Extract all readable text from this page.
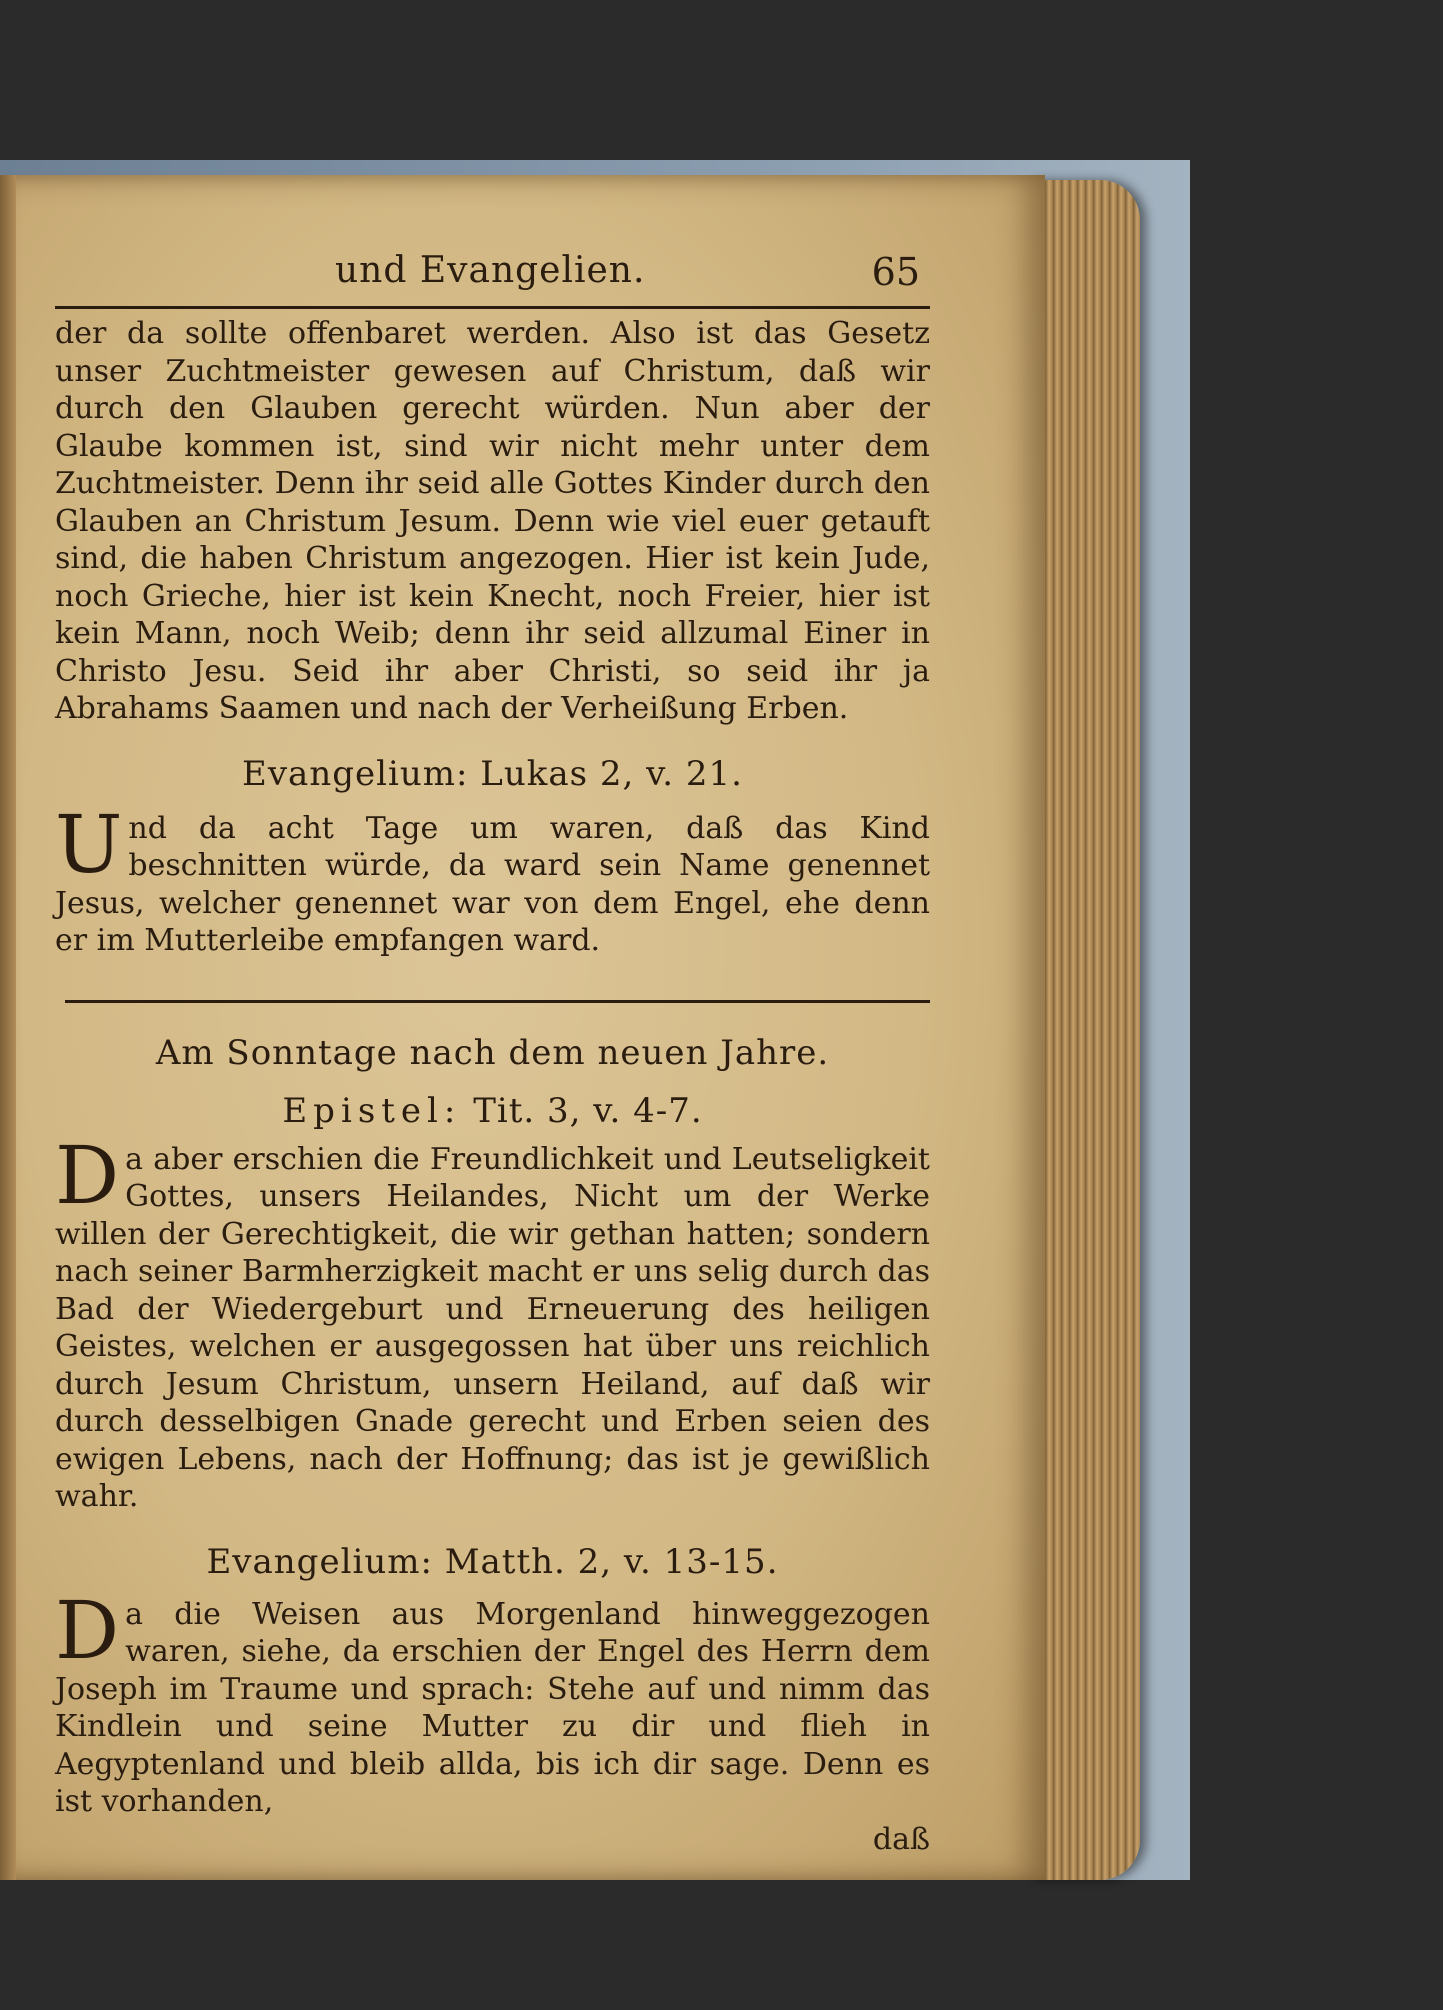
und Evangelien.	65

der da sollte offenbaret werden. Also ist das Gesetz unser Zuchtmeister gewesen auf Christum, daß wir durch den Glauben gerecht würden. Nun aber der Glaube kommen ist, sind wir nicht mehr unter dem Zuchtmeister. Denn ihr seid alle Gottes Kinder durch den Glauben an Christum Jesum. Denn wie viel euer getauft sind, die haben Christum angezogen. Hier ist kein Jude, noch Grieche, hier ist kein Knecht, noch Freier, hier ist kein Mann, noch Weib; denn ihr seid allzumal Einer in Christo Jesu. Seid ihr aber Christi, so seid ihr ja Abrahams Saamen und nach der Verheißung Erben.

Evangelium: Lukas 2, v. 21.

U nd da acht Tage um waren, daß das Kind beschnitten würde, da ward sein Name genennet Jesus, welcher genennet war von dem Engel, ehe denn er im Mutterleibe empfangen ward.

Am Sonntage nach dem neuen Jahre.

Epistel: Tit. 3, v. 4-7.

D a aber erschien die Freundlichkeit und Leutseligkeit Gottes, unsers Heilandes, Nicht um der Werke willen der Gerechtigkeit, die wir gethan hatten; sondern nach seiner Barmherzigkeit macht er uns selig durch das Bad der Wiedergeburt und Erneuerung des heiligen Geistes, welchen er ausgegossen hat über uns reichlich durch Jesum Christum, unsern Heiland, auf daß wir durch desselbigen Gnade gerecht und Erben seien des ewigen Lebens, nach der Hoffnung; das ist je gewißlich wahr.

Evangelium: Matth. 2, v. 13-15.

D a die Weisen aus Morgenland hinweggezogen waren, siehe, da erschien der Engel des Herrn dem Joseph im Traume und sprach: Stehe auf und nimm das Kindlein und seine Mutter zu dir und flieh in Aegyptenland und bleib allda, bis ich dir sage. Denn es ist vorhanden,

daß
